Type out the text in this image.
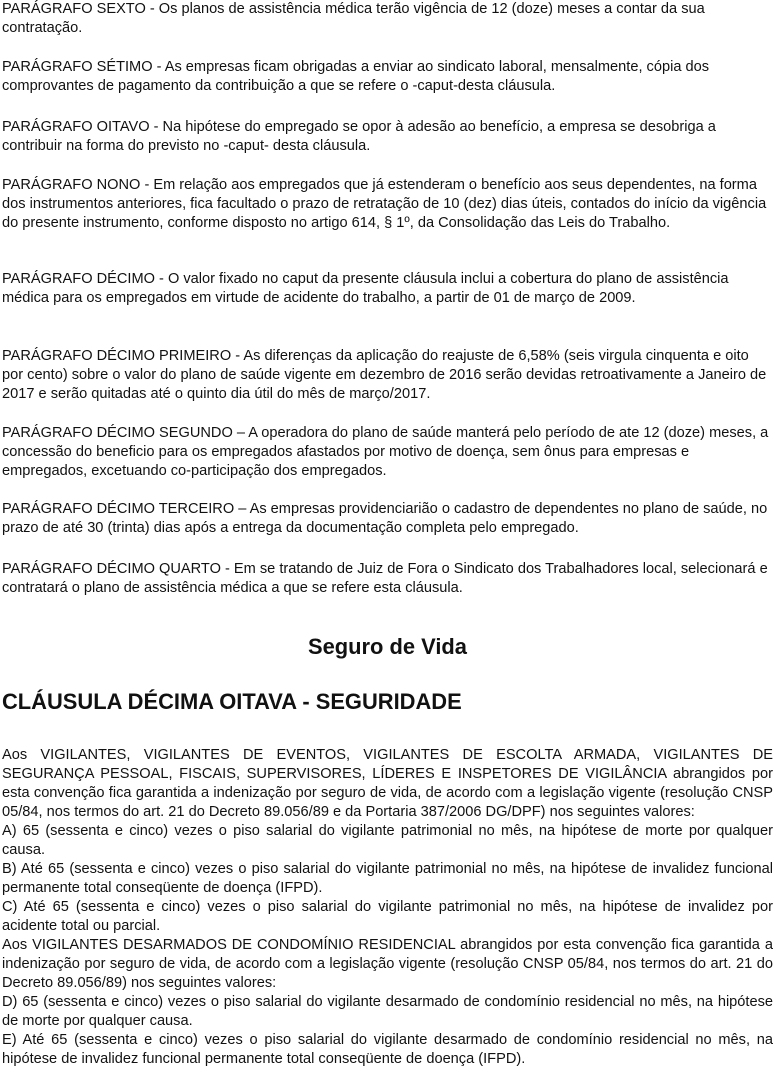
PARÁGRAFO SEXTO - Os planos de assistência médica terão vigência de 12 (doze) meses a contar da sua contratação.

PARÁGRAFO SÉTIMO - As empresas ficam obrigadas a enviar ao sindicato laboral, mensalmente, cópia dos comprovantes de pagamento da contribuição a que se refere o -caput-desta cláusula.

PARÁGRAFO OITAVO - Na hipótese do empregado se opor à adesão ao benefício, a empresa se desobriga a contribuir na forma do previsto no -caput- desta cláusula.

PARÁGRAFO NONO - Em relação aos empregados que já estenderam o benefício aos seus dependentes, na forma dos instrumentos anteriores, fica facultado o prazo de retratação de 10 (dez) dias úteis, contados do início da vigência do presente instrumento, conforme disposto no artigo 614, § 1º, da Consolidação das Leis do Trabalho.

PARÁGRAFO DÉCIMO - O valor fixado no caput da presente cláusula inclui a cobertura do plano de assistência médica para os empregados em virtude de acidente do trabalho, a partir de 01 de março de 2009.

PARÁGRAFO DÉCIMO PRIMEIRO - As diferenças da aplicação do reajuste de 6,58% (seis virgula cinquenta e oito por cento) sobre o valor do plano de saúde vigente em dezembro de 2016 serão devidas retroativamente a Janeiro de 2017 e serão quitadas até o quinto dia útil do mês de março/2017.

PARÁGRAFO DÉCIMO SEGUNDO – A operadora do plano de saúde manterá pelo período de ate 12 (doze) meses, a concessão do beneficio para os empregados afastados por motivo de doença, sem ônus para empresas e empregados, excetuando co-participação dos empregados.

PARÁGRAFO DÉCIMO TERCEIRO – As empresas providenciarião o cadastro de dependentes no plano de saúde, no prazo de até 30 (trinta) dias após a entrega da documentação completa pelo empregado.

PARÁGRAFO DÉCIMO QUARTO - Em se tratando de Juiz de Fora o Sindicato dos Trabalhadores local, selecionará e contratará o plano de assistência médica a que se refere esta cláusula.

Seguro de Vida
CLÁUSULA DÉCIMA OITAVA - SEGURIDADE
Aos VIGILANTES, VIGILANTES DE EVENTOS, VIGILANTES DE ESCOLTA ARMADA, VIGILANTES DE SEGURANÇA PESSOAL, FISCAIS, SUPERVISORES, LÍDERES E INSPETORES DE VIGILÂNCIA abrangidos por esta convenção fica garantida a indenização por seguro de vida, de acordo com a legislação vigente (resolução CNSP 05/84, nos termos do art. 21 do Decreto 89.056/89 e da Portaria 387/2006 DG/DPF) nos seguintes valores:
A) 65 (sessenta e cinco) vezes o piso salarial do vigilante patrimonial no mês, na hipótese de morte por qualquer causa.
B) Até 65 (sessenta e cinco) vezes o piso salarial do vigilante patrimonial no mês, na hipótese de invalidez funcional permanente total conseqüente de doença (IFPD).
C) Até 65 (sessenta e cinco) vezes o piso salarial do vigilante patrimonial no mês, na hipótese de invalidez por acidente total ou parcial.
Aos VIGILANTES DESARMADOS DE CONDOMÍNIO RESIDENCIAL abrangidos por esta convenção fica garantida a indenização por seguro de vida, de acordo com a legislação vigente (resolução CNSP 05/84, nos termos do art. 21 do Decreto 89.056/89) nos seguintes valores:
D) 65 (sessenta e cinco) vezes o piso salarial do vigilante desarmado de condomínio residencial no mês, na hipótese de morte por qualquer causa.
E) Até 65 (sessenta e cinco) vezes o piso salarial do vigilante desarmado de condomínio residencial no mês, na hipótese de invalidez funcional permanente total conseqüente de doença (IFPD).
